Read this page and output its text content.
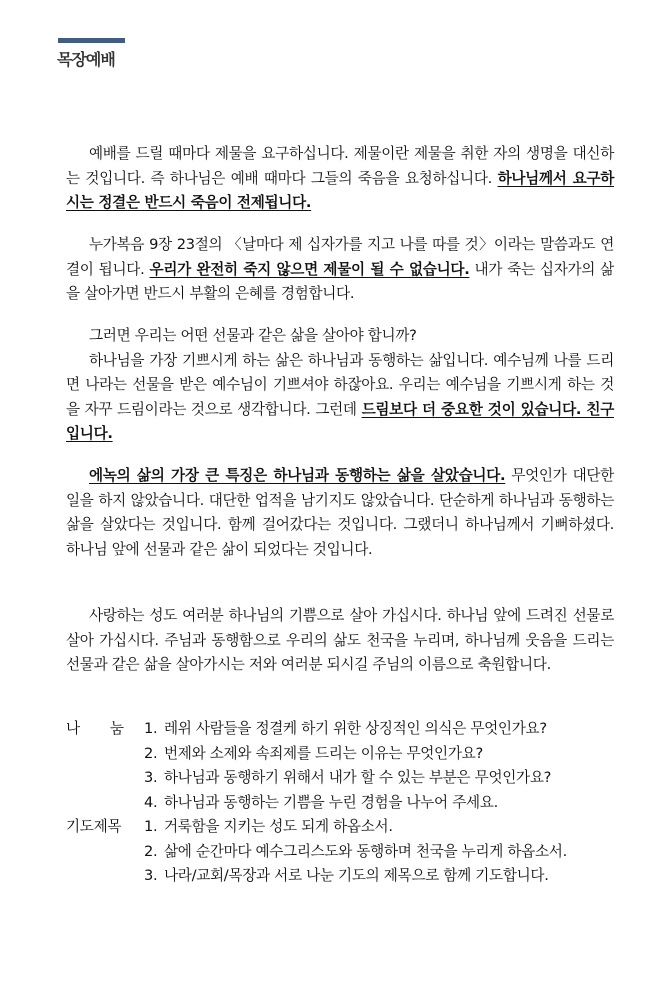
목장예배

예배를 드릴 때마다 제물을 요구하십니다. 제물이란 제물을 취한 자의 생명을 대신하는 것입니다. 즉 하나님은 예배 때마다 그들의 죽음을 요청하십니다. 하나님께서 요구하시는 정결은 반드시 죽음이 전제됩니다.

누가복음 9장 23절의 〈날마다 제 십자가를 지고 나를 따를 것〉이라는 말씀과도 연결이 됩니다. 우리가 완전히 죽지 않으면 제물이 될 수 없습니다. 내가 죽는 십자가의 삶을 살아가면 반드시 부활의 은혜를 경험합니다.

그러면 우리는 어떤 선물과 같은 삶을 살아야 합니까?
하나님을 가장 기쁘시게 하는 삶은 하나님과 동행하는 삶입니다. 예수님께 나를 드리면 나라는 선물을 받은 예수님이 기쁘셔야 하잖아요. 우리는 예수님을 기쁘시게 하는 것을 자꾸 드림이라는 것으로 생각합니다. 그런데 드림보다 더 중요한 것이 있습니다. 친구입니다.

에녹의 삶의 가장 큰 특징은 하나님과 동행하는 삶을 살았습니다. 무엇인가 대단한 일을 하지 않았습니다. 대단한 업적을 남기지도 않았습니다. 단순하게 하나님과 동행하는 삶을 살았다는 것입니다. 함께 걸어갔다는 것입니다. 그랬더니 하나님께서 기뻐하셨다. 하나님 앞에 선물과 같은 삶이 되었다는 것입니다.

사랑하는 성도 여러분 하나님의 기쁨으로 살아 가십시다. 하나님 앞에 드려진 선물로 살아 가십시다. 주님과 동행함으로 우리의 삶도 천국을 누리며, 하나님께 웃음을 드리는 선물과 같은 삶을 살아가시는 저와 여러분 되시길 주님의 이름으로 축원합니다.

나 눔	1. 레위 사람들을 정결케 하기 위한 상징적인 의식은 무엇인가요?
2. 번제와 소제와 속죄제를 드리는 이유는 무엇인가요?
3. 하나님과 동행하기 위해서 내가 할 수 있는 부분은 무엇인가요?
4. 하나님과 동행하는 기쁨을 누린 경험을 나누어 주세요.
기도제목	1. 거룩함을 지키는 성도 되게 하옵소서.
2. 삶에 순간마다 예수그리스도와 동행하며 천국을 누리게 하옵소서.
3. 나라/교회/목장과 서로 나눈 기도의 제목으로 함께 기도합니다.
